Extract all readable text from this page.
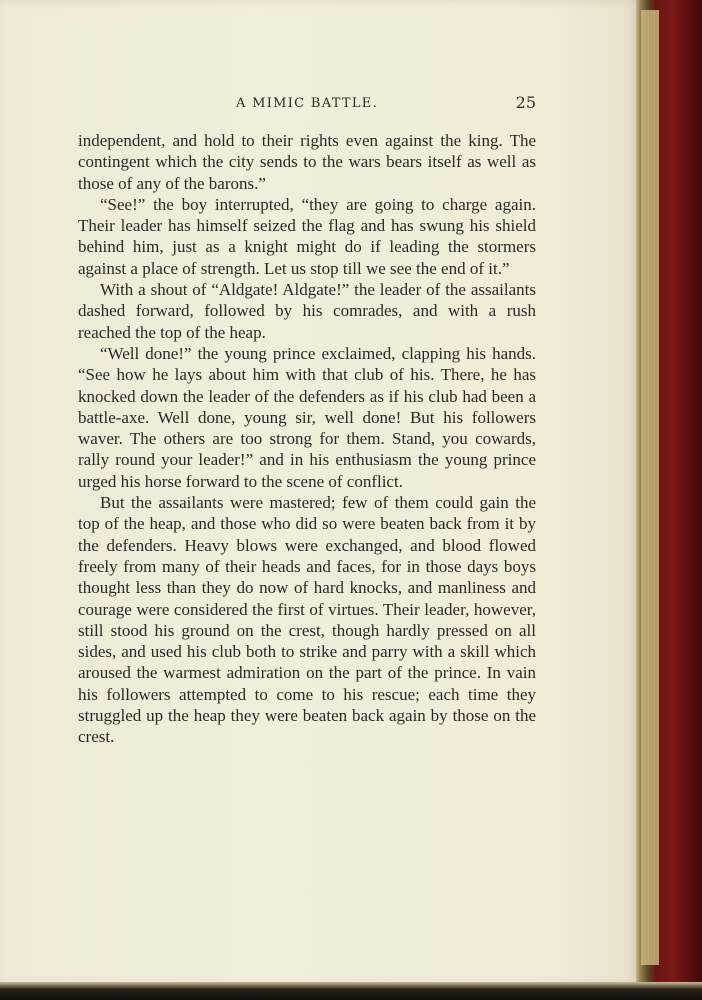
A MIMIC BATTLE.	25

independent, and hold to their rights even against the king. The contingent which the city sends to the wars bears itself as well as those of any of the barons.”

“See!” the boy interrupted, “they are going to charge again. Their leader has himself seized the flag and has swung his shield behind him, just as a knight might do if leading the stormers against a place of strength. Let us stop till we see the end of it.”

With a shout of “Aldgate! Aldgate!” the leader of the assailants dashed forward, followed by his comrades, and with a rush reached the top of the heap.

“Well done!” the young prince exclaimed, clapping his hands. “See how he lays about him with that club of his. There, he has knocked down the leader of the defenders as if his club had been a battle-axe. Well done, young sir, well done! But his followers waver. The others are too strong for them. Stand, you cowards, rally round your leader!” and in his enthusiasm the young prince urged his horse forward to the scene of conflict.

But the assailants were mastered; few of them could gain the top of the heap, and those who did so were beaten back from it by the defenders. Heavy blows were exchanged, and blood flowed freely from many of their heads and faces, for in those days boys thought less than they do now of hard knocks, and manliness and courage were considered the first of virtues. Their leader, however, still stood his ground on the crest, though hardly pressed on all sides, and used his club both to strike and parry with a skill which aroused the warmest admiration on the part of the prince. In vain his followers attempted to come to his rescue; each time they struggled up the heap they were beaten back again by those on the crest.
